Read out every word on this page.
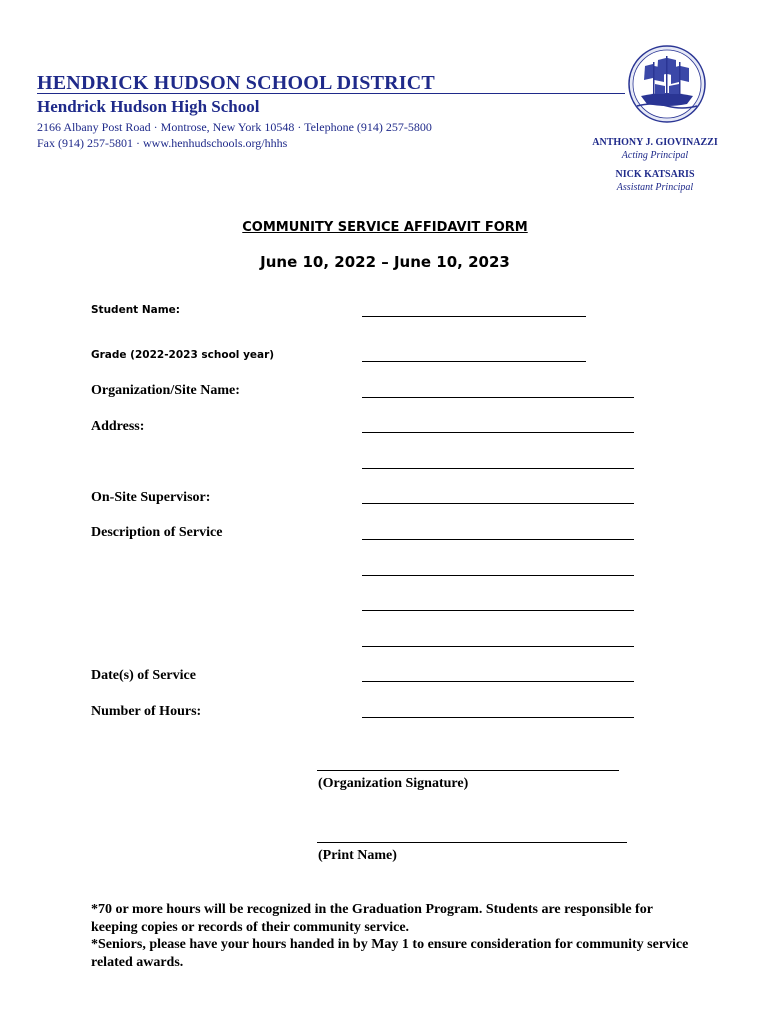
HENDRICK HUDSON SCHOOL DISTRICT
Hendrick Hudson High School
2166 Albany Post Road · Montrose, New York 10548 · Telephone (914) 257-5800
Fax (914) 257-5801 · www.henhudschools.org/hhhs	ANTHONY J. GIOVINAZZI
Acting Principal
NICK KATSARIS
Assistant Principal
COMMUNITY SERVICE AFFIDAVIT FORM
June 10, 2022 – June 10, 2023
Student Name:
Grade (2022-2023 school year)
Organization/Site Name:
Address:
On-Site Supervisor:
Description of Service
Date(s) of Service
Number of Hours:
(Organization Signature)
(Print Name)
*70 or more hours will be recognized in the Graduation Program. Students are responsible for keeping copies or records of their community service.
*Seniors, please have your hours handed in by May 1 to ensure consideration for community service related awards.
